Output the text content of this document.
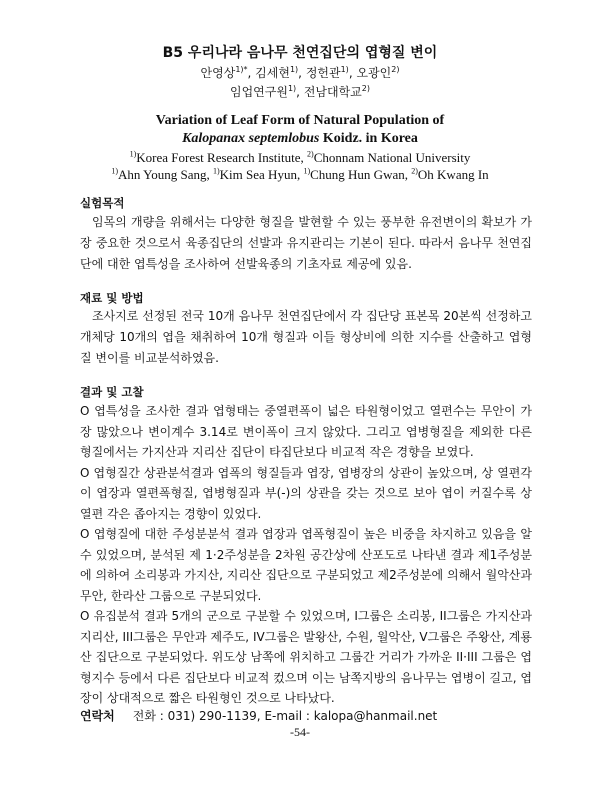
B5 우리나라 음나무 천연집단의 엽형질 변이
안영상$^{1)*}$, 김세현$^{1)}$, 정헌관$^{1)}$, 오광인$^{2)}$
임업연구원$^{1)}$, 전남대학교$^{2)}$
Variation of Leaf Form of Natural Population of
Kalopanax septemlobus Koidz. in Korea
$^{1)}$Korea Forest Research Institute, $^{2)}$Chonnam National University
$^{1)}$Ahn Young Sang, $^{1)}$Kim Sea Hyun, $^{1)}$Chung Hun Gwan, $^{2)}$Oh Kwang In
실험목적

임목의 개량을 위해서는 다양한 형질을 발현할 수 있는 풍부한 유전변이의 확보가 가장 중요한 것으로서 육종집단의 선발과 유지관리는 기본이 된다. 따라서 음나무 천연집단에 대한 엽특성을 조사하여 선발육종의 기초자료 제공에 있음.

재료 및 방법

조사지로 선정된 전국 10개 음나무 천연집단에서 각 집단당 표본목 20본씩 선정하고 개체당 10개의 엽을 채취하여 10개 형질과 이들 형상비에 의한 지수를 산출하고 엽형질 변이를 비교분석하였음.

결과 및 고찰

O 엽특성을 조사한 결과 엽형태는 중열편폭이 넓은 타원형이었고 열편수는 무안이 가장 많았으나 변이계수 3.14로 변이폭이 크지 않았다. 그리고 엽병형질을 제외한 다른 형질에서는 가지산과 지리산 집단이 타집단보다 비교적 작은 경향을 보였다.

O 엽형질간 상관분석결과 엽폭의 형질들과 엽장, 엽병장의 상관이 높았으며, 상 열편각이 엽장과 열편폭형질, 엽병형질과 부(-)의 상관을 갖는 것으로 보아 엽이 커질수록 상열편 각은 좁아지는 경향이 있었다.

O 엽형질에 대한 주성분분석 결과 엽장과 엽폭형질이 높은 비중을 차지하고 있음을 알 수 있었으며, 분석된 제 1·2주성분을 2차원 공간상에 산포도로 나타낸 결과 제1주성분에 의하여 소리봉과 가지산, 지리산 집단으로 구분되었고 제2주성분에 의해서 월악산과 무안, 한라산 그룹으로 구분되었다.

O 유집분석 결과 5개의 군으로 구분할 수 있었으며, I그룹은 소리봉, II그룹은 가지산과 지리산, III그룹은 무안과 제주도, IV그룹은 발왕산, 수원, 월악산, V그룹은 주왕산, 계룡산 집단으로 구분되었다. 위도상 남쪽에 위치하고 그룹간 거리가 가까운 II·III 그룹은 엽형지수 등에서 다른 집단보다 비교적 컸으며 이는 남쪽지방의 음나무는 엽병이 길고, 엽장이 상대적으로 짧은 타원형인 것으로 나타났다.

연락처 전화 : 031) 290-1139, E-mail : kalopa@hanmail.net
-54-
